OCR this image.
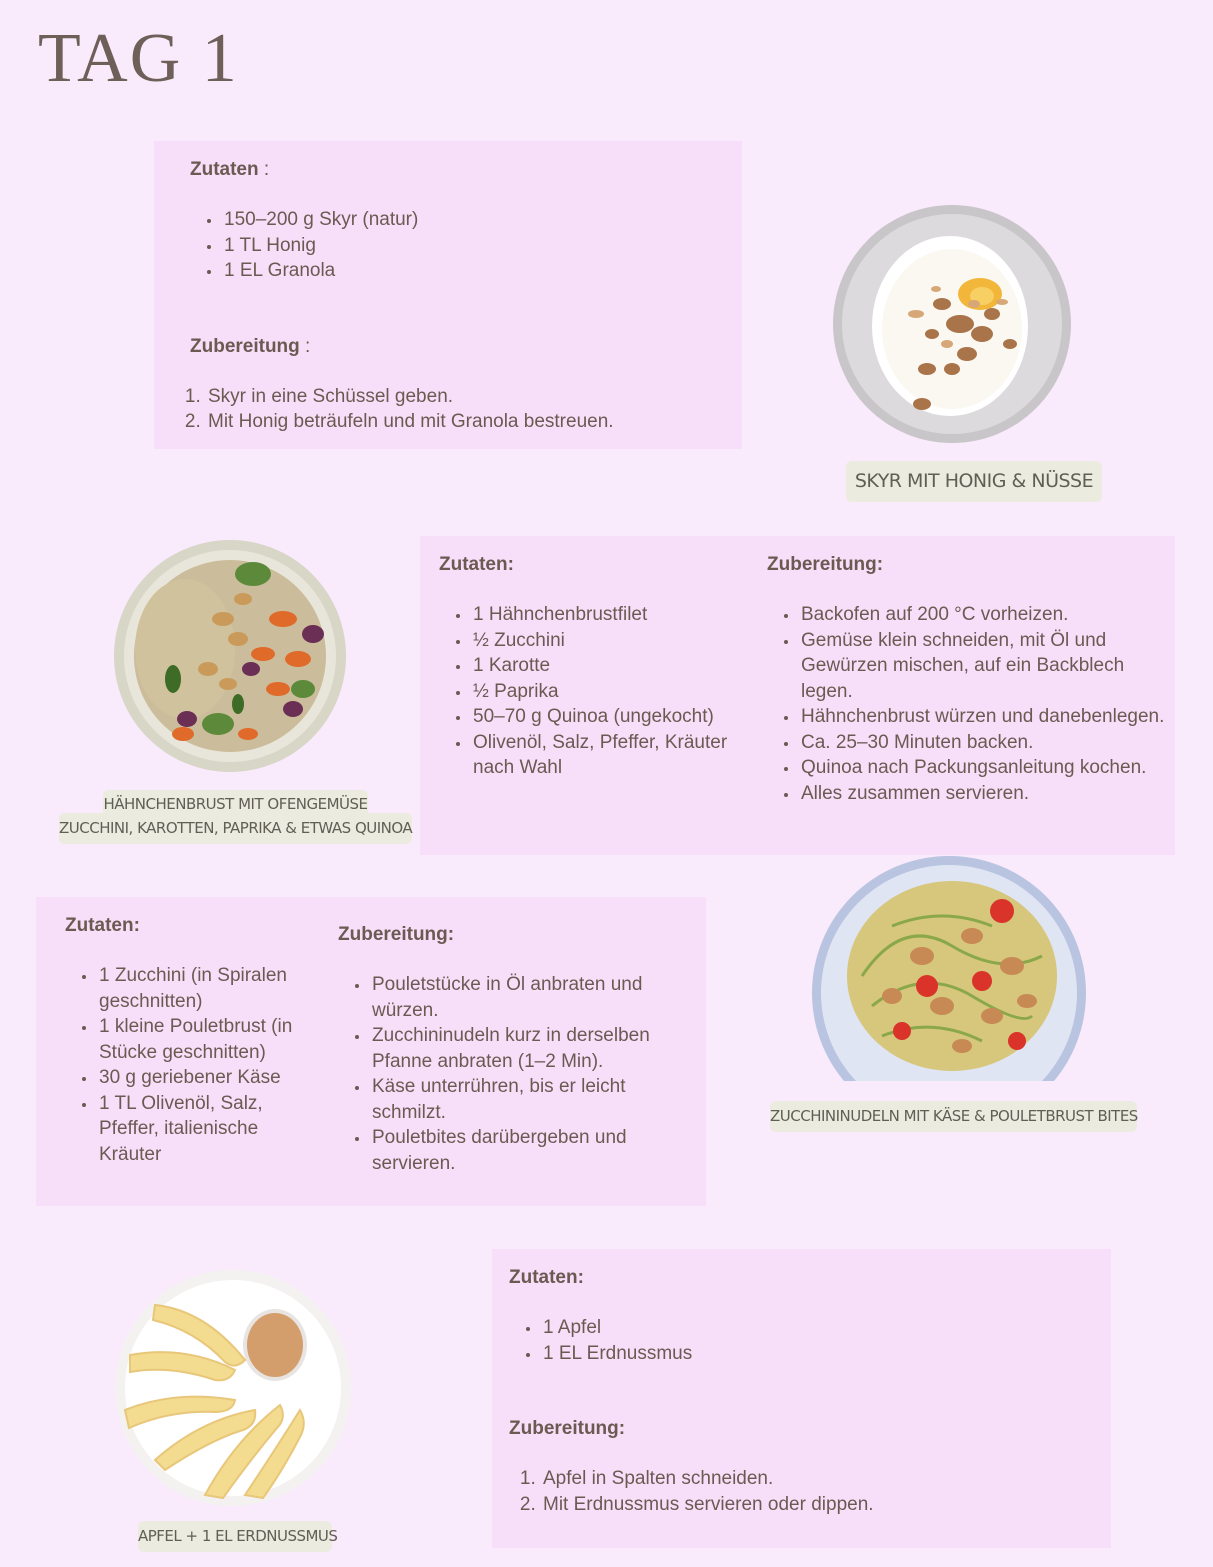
TAG 1
Zutaten :
• 150–200 g Skyr (natur)
• 1 TL Honig
• 1 EL Granola
Zubereitung :
1. Skyr in eine Schüssel geben.
2. Mit Honig beträufeln und mit Granola bestreuen.
SKYR MIT HONIG & NÜSSE
HÄHNCHENBRUST MIT OFENGEMÜSE
ZUCCHINI, KAROTTEN, PAPRIKA & ETWAS QUINOA
Zutaten:
• 1 Hähnchenbrustfilet
• ½ Zucchini
• 1 Karotte
• ½ Paprika
• 50–70 g Quinoa (ungekocht)
• Olivenöl, Salz, Pfeffer, Kräuter nach Wahl
Zubereitung:
• Backofen auf 200 °C vorheizen.
• Gemüse klein schneiden, mit Öl und Gewürzen mischen, auf ein Backblech legen.
• Hähnchenbrust würzen und danebenlegen.
• Ca. 25–30 Minuten backen.
• Quinoa nach Packungsanleitung kochen.
• Alles zusammen servieren.
Zutaten:
• 1 Zucchini (in Spiralen geschnitten)
• 1 kleine Pouletbrust (in Stücke geschnitten)
• 30 g geriebener Käse
• 1 TL Olivenöl, Salz, Pfeffer, italienische Kräuter
Zubereitung:
• Pouletstücke in Öl anbraten und würzen.
• Zucchininudeln kurz in derselben Pfanne anbraten (1–2 Min).
• Käse unterrühren, bis er leicht schmilzt.
• Pouletbites darübergeben und servieren.
ZUCCHININUDELN MIT KÄSE & POULETBRUST BITES
APFEL + 1 EL ERDNUSSMUS
Zutaten:
• 1 Apfel
• 1 EL Erdnussmus
Zubereitung:
1. Apfel in Spalten schneiden.
2. Mit Erdnussmus servieren oder dippen.
